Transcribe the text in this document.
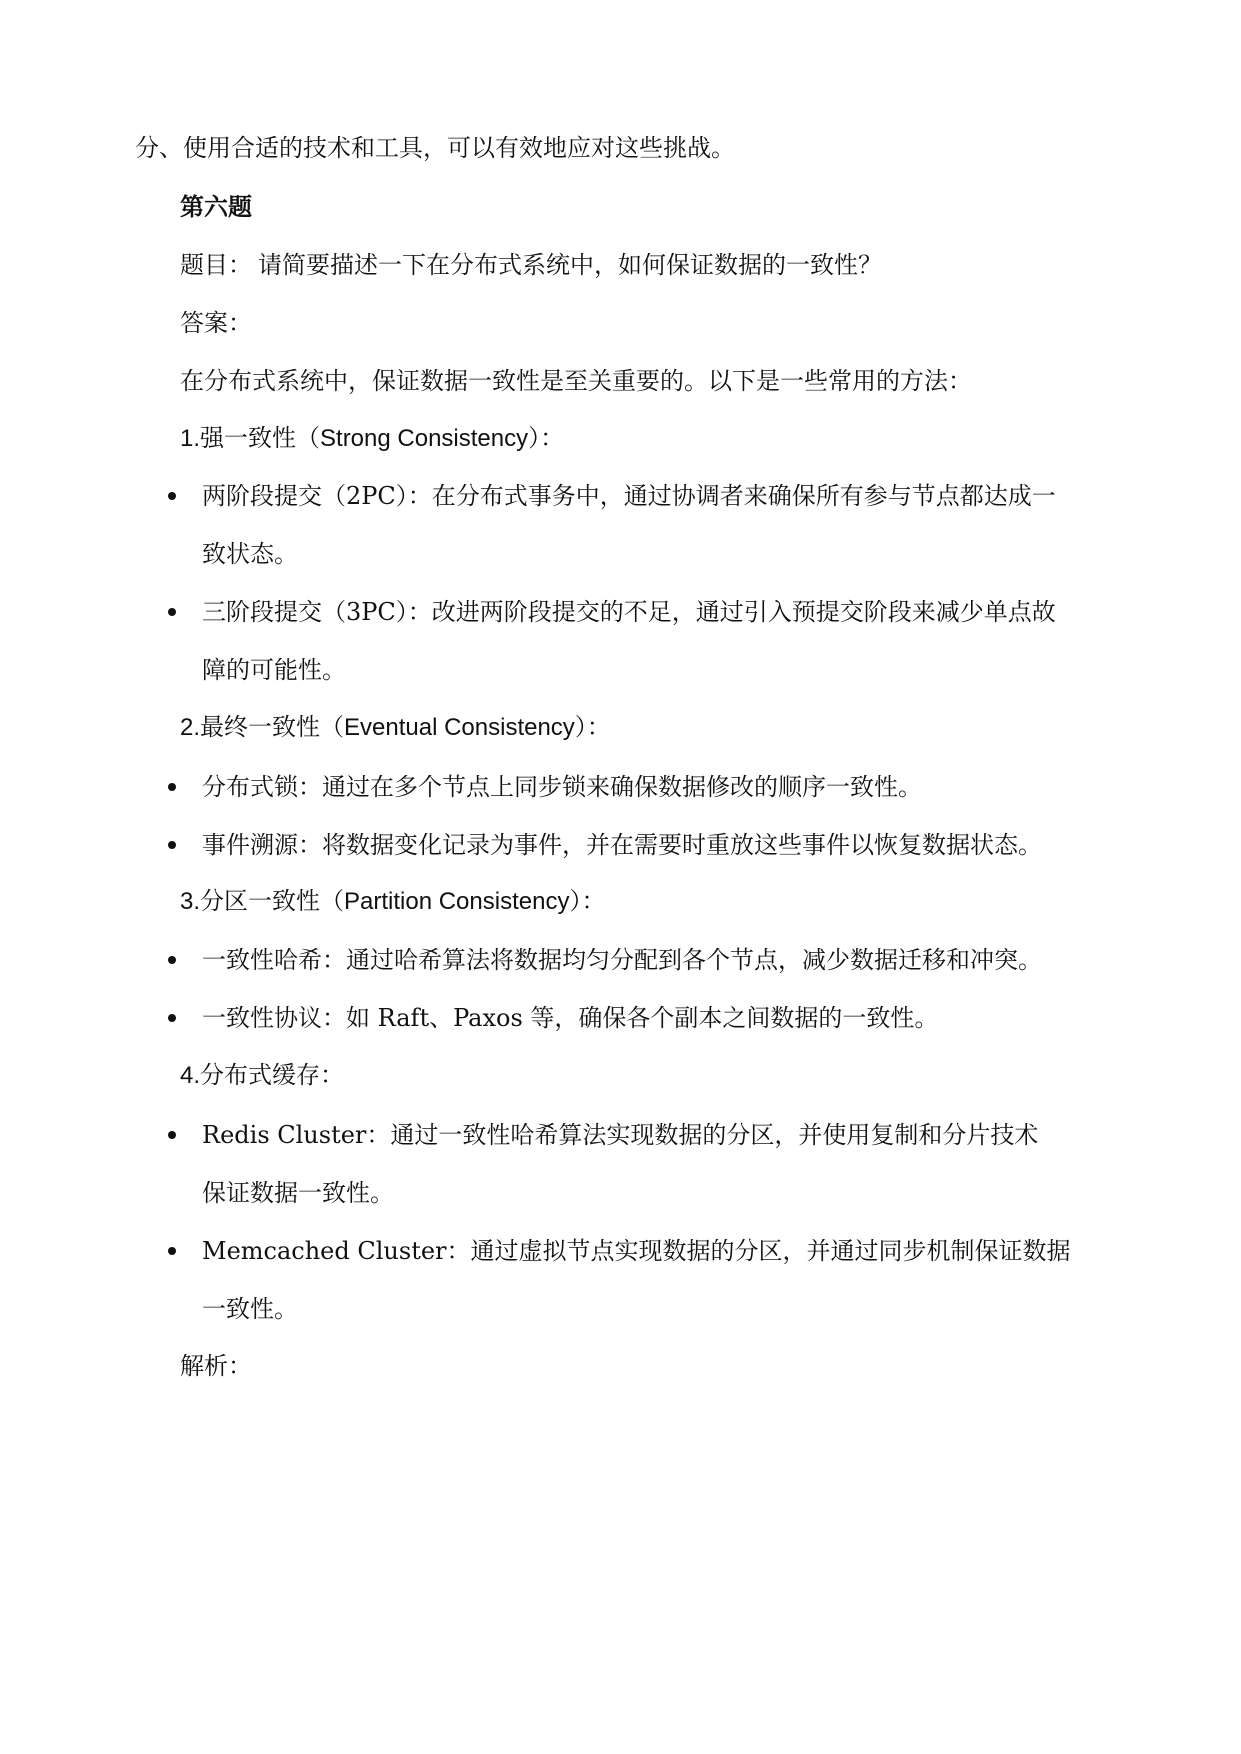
分、使用合适的技术和工具，可以有效地应对这些挑战。
第六题
题目： 请简要描述一下在分布式系统中，如何保证数据的一致性？
答案：
在分布式系统中，保证数据一致性是至关重要的。以下是一些常用的方法：
1.强一致性（Strong Consistency）：
两阶段提交（2PC）：在分布式事务中，通过协调者来确保所有参与节点都达成一
致状态。
三阶段提交（3PC）：改进两阶段提交的不足，通过引入预提交阶段来减少单点故
障的可能性。
2.最终一致性（Eventual Consistency）：
分布式锁：通过在多个节点上同步锁来确保数据修改的顺序一致性。
事件溯源：将数据变化记录为事件，并在需要时重放这些事件以恢复数据状态。
3.分区一致性（Partition Consistency）：
一致性哈希：通过哈希算法将数据均匀分配到各个节点，减少数据迁移和冲突。
一致性协议：如 Raft、Paxos 等，确保各个副本之间数据的一致性。
4.分布式缓存：
Redis Cluster：通过一致性哈希算法实现数据的分区，并使用复制和分片技术
保证数据一致性。
Memcached Cluster：通过虚拟节点实现数据的分区，并通过同步机制保证数据
一致性。
解析：
